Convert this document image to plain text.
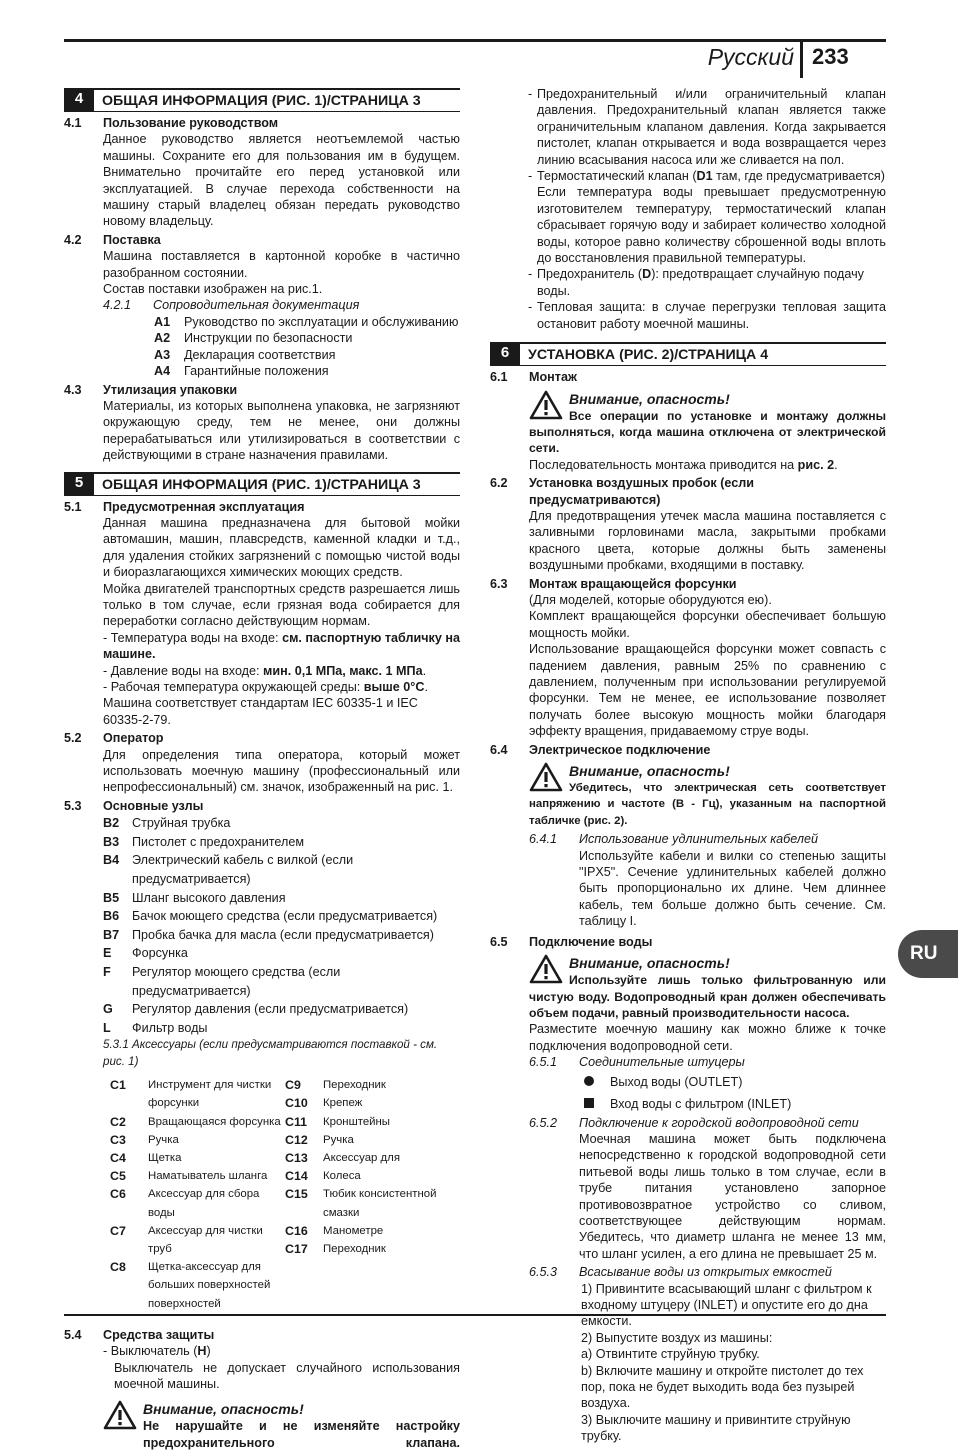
Русский 233
RU
4	ОБЩАЯ ИНФОРМАЦИЯ (РИС. 1)/СТРАНИЦА 3
4.1	Пользование руководством
Данное руководство является неотъемлемой частью машины. Сохраните его для пользования им в будущем. Внимательно прочитайте его перед установкой или эксплуатацией. В случае перехода собственности на машину старый владелец обязан передать руководство новому владельцу.
4.2	Поставка
Машина поставляется в картонной коробке в частично разобранном состоянии.
Состав поставки изображен на рис.1.
4.2.1	Сопроводительная документация
A1	Руководство по эксплуатации и обслуживанию
A2	Инструкции по безопасности
A3	Декларация соответствия
A4	Гарантийные положения
4.3	Утилизация упаковки
Материалы, из которых выполнена упаковка, не загрязняют окружающую среду, тем не менее, они должны перерабатываться или утилизироваться в соответствии с действующими в стране назначения правилами.
5	ОБЩАЯ ИНФОРМАЦИЯ (РИС. 1)/СТРАНИЦА 3
5.1	Предусмотренная эксплуатация
Данная машина предназначена для бытовой мойки автомашин, машин, плавсредств, каменной кладки и т.д., для удаления стойких загрязнений с помощью чистой воды и биоразлагающихся химических моющих средств.
Мойка двигателей транспортных средств разрешается лишь только в том случае, если грязная вода собирается для переработки согласно действующим нормам.
- Температура воды на входе: см. паспортную табличку на машине.
- Давление воды на входе: мин. 0,1 МПа, макс. 1 МПа.
- Рабочая температура окружающей среды: выше 0°C.
Машина соответствует стандартам IEC 60335-1 и IEC 60335-2-79.
5.2	Оператор
Для определения типа оператора, который может использовать моечную машину (профессиональный или непрофессиональный) см. значок, изображенный на рис. 1.
5.3	Основные узлы
B2	Струйная трубка
B3	Пистолет с предохранителем
B4	Электрический кабель с вилкой (если предусматривается)
B5	Шланг высокого давления
B6	Бачок моющего средства (если предусматривается)
B7	Пробка бачка для масла (если предусматривается)
E	Форсунка
F	Регулятор моющего средства (если предусматривается)
G	Регулятор давления (если предусматривается)
L	Фильтр воды
5.3.1 Аксессуары (если предусматриваются поставкой - см. рис. 1)
C1	Инструмент для чистки форсунки
C2	Вращающаяся форсунка
C3	Ручка
C4	Щетка
C5	Наматыватель шланга
C6	Аксессуар для сбора воды
C7	Аксессуар для чистки труб
C8	Щетка-аксессуар для больших поверхностей поверхностей
C9	Переходник
C10	Крепеж
C11	Кронштейны
C12	Ручка
C13	Аксессуар для
C14	Колеса
C15	Тюбик консистентной смазки
C16	Манометре
C17	Переходник
5.4	Средства защиты
- Выключатель (H)
Выключатель не допускает случайного использования моечной машины.
Внимание, опасность!
Не нарушайте и не изменяйте настройку предохранительного клапана.
- Предохранительный и/или ограничительный клапан давления. Предохранительный клапан является также ограничительным клапаном давления. Когда закрывается пистолет, клапан открывается и вода возвращается через линию всасывания насоса или же сливается на пол.
- Термостатический клапан (D1 там, где предусматривается)
Если температура воды превышает предусмотренную изготовителем температуру, термостатический клапан сбрасывает горячую воду и забирает количество холодной воды, которое равно количеству сброшенной воды вплоть до восстановления правильной температуры.
- Предохранитель (D): предотвращает случайную подачу воды.
- Тепловая защита: в случае перегрузки тепловая защита остановит работу моечной машины.
6	УСТАНОВКА (РИС. 2)/СТРАНИЦА 4
6.1	Монтаж
Внимание, опасность!
Все операции по установке и монтажу должны выполняться, когда машина отключена от электрической сети.
Последовательность монтажа приводится на рис. 2.
6.2	Установка воздушных пробок (если предусматриваются)
Для предотвращения утечек масла машина поставляется с заливными горловинами масла, закрытыми пробками красного цвета, которые должны быть заменены воздушными пробками, входящими в поставку.
6.3	Монтаж вращающейся форсунки
(Для моделей, которые оборудуются ею).
Комплект вращающейся форсунки обеспечивает большую мощность мойки.
Использование вращающейся форсунки может совпасть с падением давления, равным 25% по сравнению с давлением, полученным при использовании регулируемой форсунки. Тем не менее, ее использование позволяет получать более высокую мощность мойки благодаря эффекту вращения, придаваемому струе воды.
6.4	Электрическое подключение
Внимание, опасность!
Убедитесь, что электрическая сеть соответствует напряжению и частоте (В - Гц), указанным на паспортной табличке (рис. 2).
6.4.1	Использование удлинительных кабелей
Используйте кабели и вилки со степенью защиты "IPX5". Сечение удлинительных кабелей должно быть пропорционально их длине. Чем длиннее кабель, тем больше должно быть сечение. См. таблицу I.
6.5	Подключение воды
Внимание, опасность!
Используйте лишь только фильтрованную или чистую воду. Водопроводный кран должен обеспечивать объем подачи, равный производительности насоса.
Разместите моечную машину как можно ближе к точке подключения водопроводной сети.
6.5.1	Соединительные штуцеры
Выход воды (OUTLET)
Вход воды с фильтром (INLET)
6.5.2	Подключение к городской водопроводной сети
Моечная машина может быть подключена непосредственно к городской водопроводной сети питьевой воды лишь только в том случае, если в трубе питания установлено запорное противовозвратное устройство со сливом, соответствующее действующим нормам. Убедитесь, что диаметр шланга не менее 13 мм, что шланг усилен, а его длина не превышает 25 м.
6.5.3	Всасывание воды из открытых емкостей
1) Привинтите всасывающий шланг с фильтром к входному штуцеру (INLET) и опустите его до дна емкости.
2) Выпустите воздух из машины:
a) Отвинтите струйную трубку.
b) Включите машину и откройте пистолет до тех пор, пока не будет выходить вода без пузырей воздуха.
3) Выключите машину и привинтите струйную трубку.
